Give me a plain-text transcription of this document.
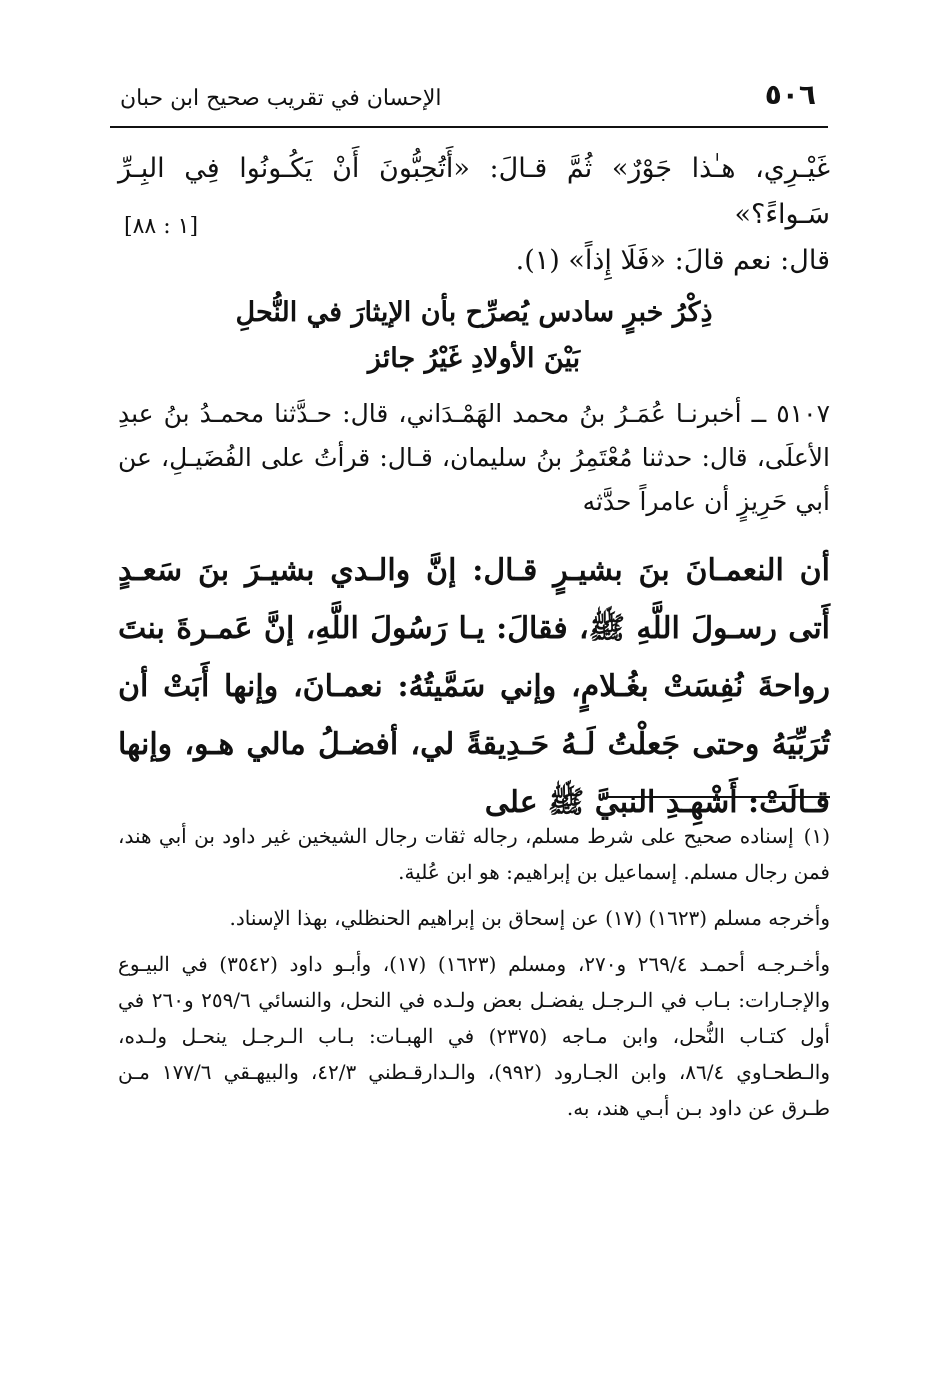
٥٠٦
الإحسان في تقريب صحيح ابن حبان
غَيْـرِي، هـٰذا جَوْرٌ» ثُمَّ قـالَ: «أَتُحِبُّونَ أَنْ يَكُـونُوا فِي البِـرِّ سَـواءً؟»
قال: نعم قالَ: «فَلَا إِذاً» (١).
[١ : ٨٨]
ذِكْرُ خبرٍ سادس يُصرِّح بأن الإيثارَ في النُّحلِ
بَيْنَ الأولادِ غَيْرُ جائز
٥١٠٧ ــ أخبرنـا عُمَـرُ بنُ محمد الهَمْـدَاني، قال: حـدَّثنا محمـدُ بنُ عبدِ الأعلَى، قال: حدثنا مُعْتَمِرُ بنُ سليمان، قـال: قرأتُ على الفُضَيـلِ، عن أبي حَرِيزٍ أن عامراً حدَّثه
أن النعمـانَ بنَ بشيـرٍ قـال: إنَّ والـدي بشيـرَ بنَ سَعـدٍ أَتى رسـولَ اللَّهِ ﷺ، فقالَ: يـا رَسُولَ اللَّهِ، إنَّ عَمـرةَ بنتَ رواحةَ نُفِسَتْ بغُـلامٍ، وإني سَمَّيتُهُ: نعمـانَ، وإنها أَبَتْ أن تُرَبِّيَهُ وحتى جَعلْتُ لَـهُ حَـدِيقةً لي، أفضـلُ مالي هـو، وإنها قـالَتْ: أَشْهِـدِ النبيَّ ﷺ على

(١)إسناده صحيح على شرط مسلم، رجاله ثقات رجال الشيخين غير داود بن أبي هند، فمن رجال مسلم. إسماعيل بن إبراهيم: هو ابن عُلية.

وأخرجه مسلم (١٦٢٣) (١٧) عن إسحاق بن إبراهيم الحنظلي، بهذا الإسناد.

وأخـرجـه أحمـد ٢٦٩/٤ و٢٧٠، ومسلم (١٦٢٣) (١٧)، وأبـو داود (٣٥٤٢) في البيـوع والإجـارات: بـاب في الـرجـل يفضـل بعض ولـده في النحل، والنسائي ٢٥٩/٦ و٢٦٠ في أول كتـاب النُّحل، وابن مـاجه (٢٣٧٥) في الهبـات: بـاب الـرجـل ينحـل ولـده، والـطحـاوي ٨٦/٤، وابن الجـارود (٩٩٢)، والـدارقـطني ٤٢/٣، والبيهـقي ١٧٧/٦ مـن طـرق عن داود بـن أبـي هند، به.
